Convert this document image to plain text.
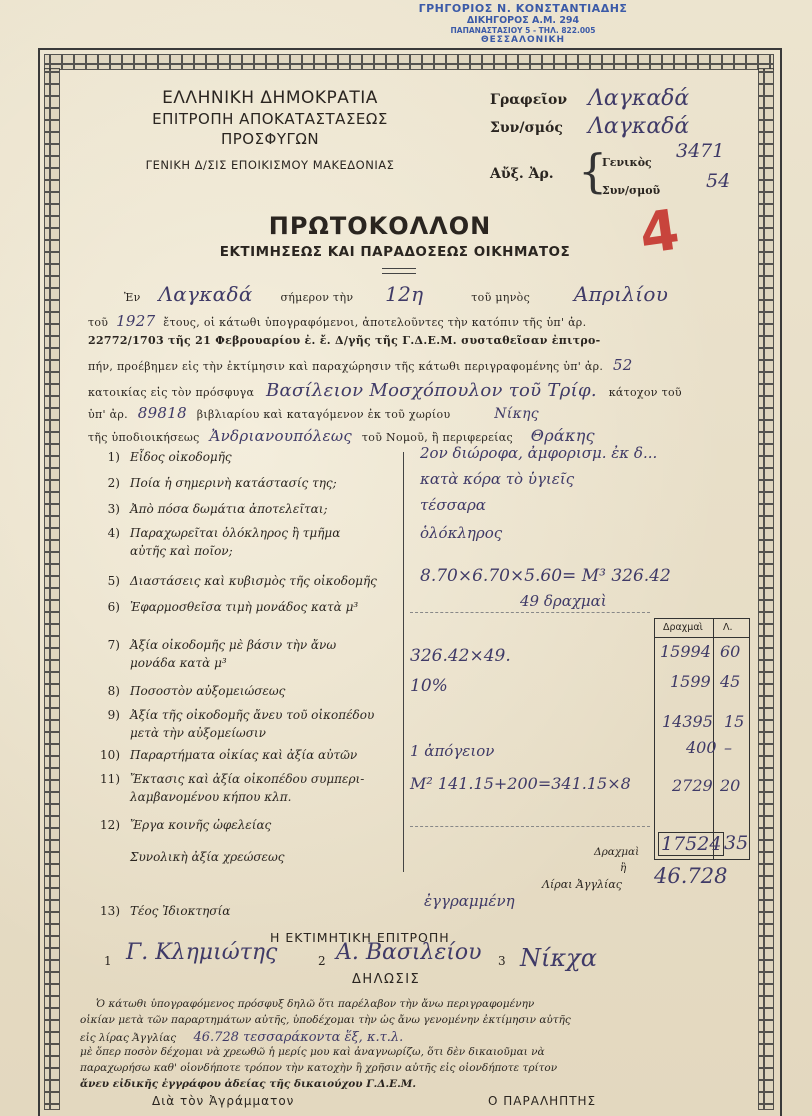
ΓΡΗΓΟΡΙΟΣ Ν. ΚΟΝΣΤΑΝΤΙΑΔΗΣ
ΔΙΚΗΓΟΡΟΣ Α.Μ. 294
ΠΑΠΑΝΑΣΤΑΣΙΟΥ 5 - ΤΗΛ. 822.005
ΘΕΣΣΑΛΟΝΙΚΗ
ΕΛΛΗΝΙΚΗ ΔΗΜΟΚΡΑΤΙΑ
ΕΠΙΤΡΟΠΗ ΑΠΟΚΑΤΑΣΤΑΣΕΩΣ
ΠΡΟΣΦΥΓΩΝ
ΓΕΝΙΚΗ Δ/ΣΙΣ ΕΠΟΙΚΙΣΜΟΥ ΜΑΚΕΔΟΝΙΑΣ
Γραφεῖον Λαγκαδά
Συν/σμός Λαγκαδά
Αὔξ. Ἀρ. {
Γενικὸς
3471
Συν/σμοῦ 54
ΠΡΩΤΟΚΟΛΛΟΝ
ΕΚΤΙΜΗΣΕΩΣ ΚΑΙ ΠΑΡΑΔΟΣΕΩΣ ΟΙΚΗΜΑΤΟΣ	4
Ἐν Λαγκαδά	σήμερον τὴν 12η	τοῦ μηνὸς Απριλίου
τοῦ 1927 ἔτους, οἱ κάτωθι ὑπογραφόμενοι, ἀποτελοῦντες τὴν κατόπιν τῆς ὑπ' ἀρ.
22772/1703 τῆς 21 Φεβρουαρίου ἐ. ἔ. Δ/γῆς τῆς Γ.Δ.Ε.Μ. συσταθεῖσαν ἐπιτρο-
πήν, προέβημεν εἰς τὴν ἐκτίμησιν καὶ παραχώρησιν τῆς κάτωθι περιγραφομένης ὑπ' ἀρ. 52
κατοικίας εἰς τὸν πρόσφυγα Βασίλειον Μοσχόπουλον τοῦ Τρίφ. κάτοχον τοῦ
ὑπ' ἀρ. 89818 βιβλιαρίου καὶ καταγόμενον ἐκ τοῦ χωρίου	Νίκης
τῆς ὑποδιοικήσεως Ἀνδριανουπόλεως τοῦ Νομοῦ, ἢ περιφερείας Θράκης
1) Εἶδος οἰκοδομῆς	2ον διώροφα, ἀμφορισμ. ἐκ δ...
2) Ποία ἡ σημερινὴ κατάστασίς της;	κατὰ κόρα τὸ ὑγιεῖς
3) Ἀπὸ πόσα δωμάτια ἀποτελεῖται;	τέσσαρα
4) Παραχωρεῖται ὁλόκληρος ἢ τμῆμα
αὐτῆς καὶ ποῖον;
ὁλόκληρος
5) Διαστάσεις καὶ κυβισμὸς τῆς οἰκοδομῆς	8.70×6.70×5.60= Μ³ 326.42
6) Ἐφαρμοσθεῖσα τιμὴ μονάδος κατὰ μ³	49 δραχμαὶ
7) Ἀξία οἰκοδομῆς μὲ βάσιν τὴν ἄνω
μονάδα κατὰ μ³	326.42×49.
8) Ποσοστὸν αὐξομειώσεως	10%
9) Ἀξία τῆς οἰκοδομῆς ἄνευ τοῦ οἰκοπέδου
μετὰ τὴν αὐξομείωσιν
10) Παραρτήματα οἰκίας καὶ ἀξία αὐτῶν	1 ἀπόγειον
11) Ἔκτασις καὶ ἀξία οἰκοπέδου συμπερι-
λαμβανομένου κήπου κλπ.
Μ² 141.15+200=341.15×8
12) Ἔργα κοινῆς ὠφελείας
Συνολικὴ ἀξία χρεώσεως
Δραχμαὶ Λ.
15994 60
1599 45
14395 15
400 –
2729 20
17524 35
Δραχμαὶ
ἢ
Λίραι Ἀγγλίας 46.728
13) Τέος Ἰδιοκτησία
ἐγγραμμένη
Η ΕΚΤΙΜΗΤΙΚΗ ΕΠΙΤΡΟΠΗ
1	2	3
Γ. Κλημιώτης	Α. Βασιλείου Νίκχα
ΔΗΛΩΣΙΣ
Ὁ κάτωθι ὑπογραφόμενος πρόσφυξ δηλῶ ὅτι παρέλαβον τὴν ἄνω περιγραφομένην
οἰκίαν μετὰ τῶν παραρτημάτων αὐτῆς, ὑποδέχομαι τὴν ὡς ἄνω γενομένην ἐκτίμησιν αὐτῆς
εἰς λίρας Ἀγγλίας 46.728 τεσσαράκοντα ἕξ, κ.τ.λ.
μὲ ὅπερ ποσὸν δέχομαι νὰ χρεωθῶ ἡ μερίς μου καὶ ἀναγνωρίζω, ὅτι δὲν δικαιοῦμαι νὰ
παραχωρήσω καθ' οἱονδήποτε τρόπον τὴν κατοχὴν ἢ χρῆσιν αὐτῆς εἰς οἱονδήποτε τρίτον
ἄνευ εἰδικῆς ἐγγράφου ἀδείας τῆς δικαιούχου Γ.Δ.Ε.Μ.
Διὰ τὸν Ἀγράμματον	Ο ΠΑΡΑΛΗΠΤΗΣ
